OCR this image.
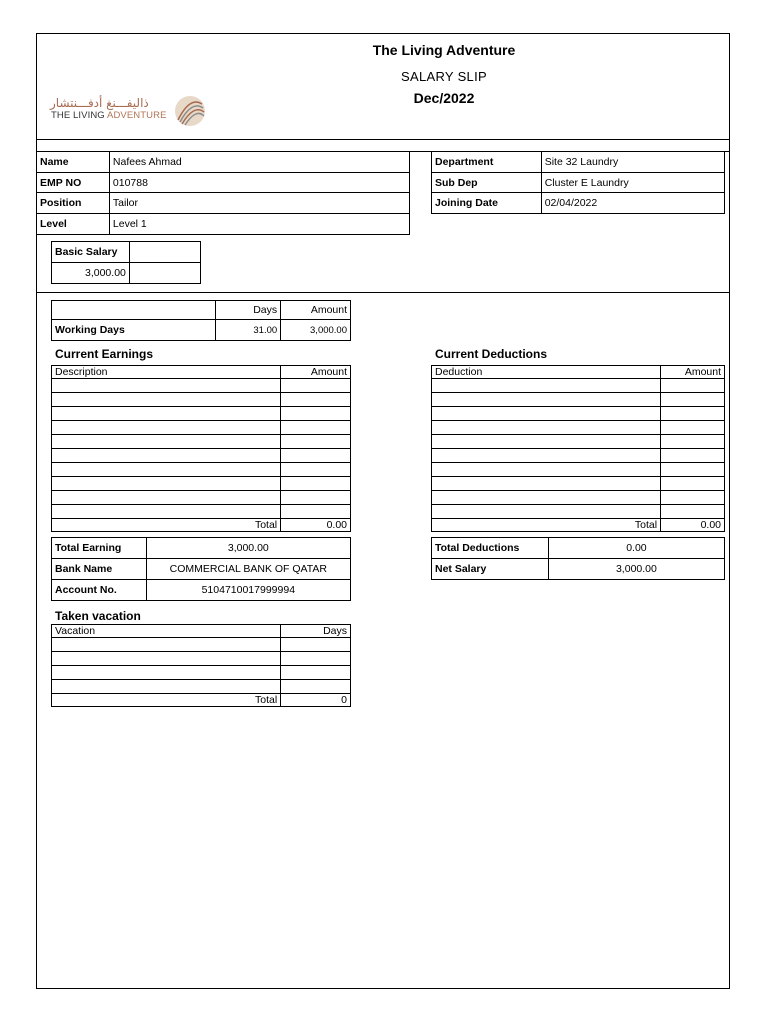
The Living Adventure
SALARY SLIP
Dec/2022
ذاليفـــنغ أدفـــنتشار
THE LIVING ADVENTURE
Name	Nafees Ahmad
EMP NO	010788
Position	Tailor
Level	Level 1
Department	Site 32 Laundry
Sub Dep	Cluster E Laundry
Joining Date	02/04/2022
Basic Salary	
3,000.00	
	Days	Amount
Working Days	31.00	3,000.00
Current Earnings
Description	Amount

Total	0.00
Current Deductions
Deduction	Amount

Total	0.00
Total Earning	3,000.00
Bank Name	COMMERCIAL BANK OF QATAR
Account No.	5104710017999994
Total Deductions	0.00
Net Salary	3,000.00
Taken vacation
Vacation	Days

Total	0
